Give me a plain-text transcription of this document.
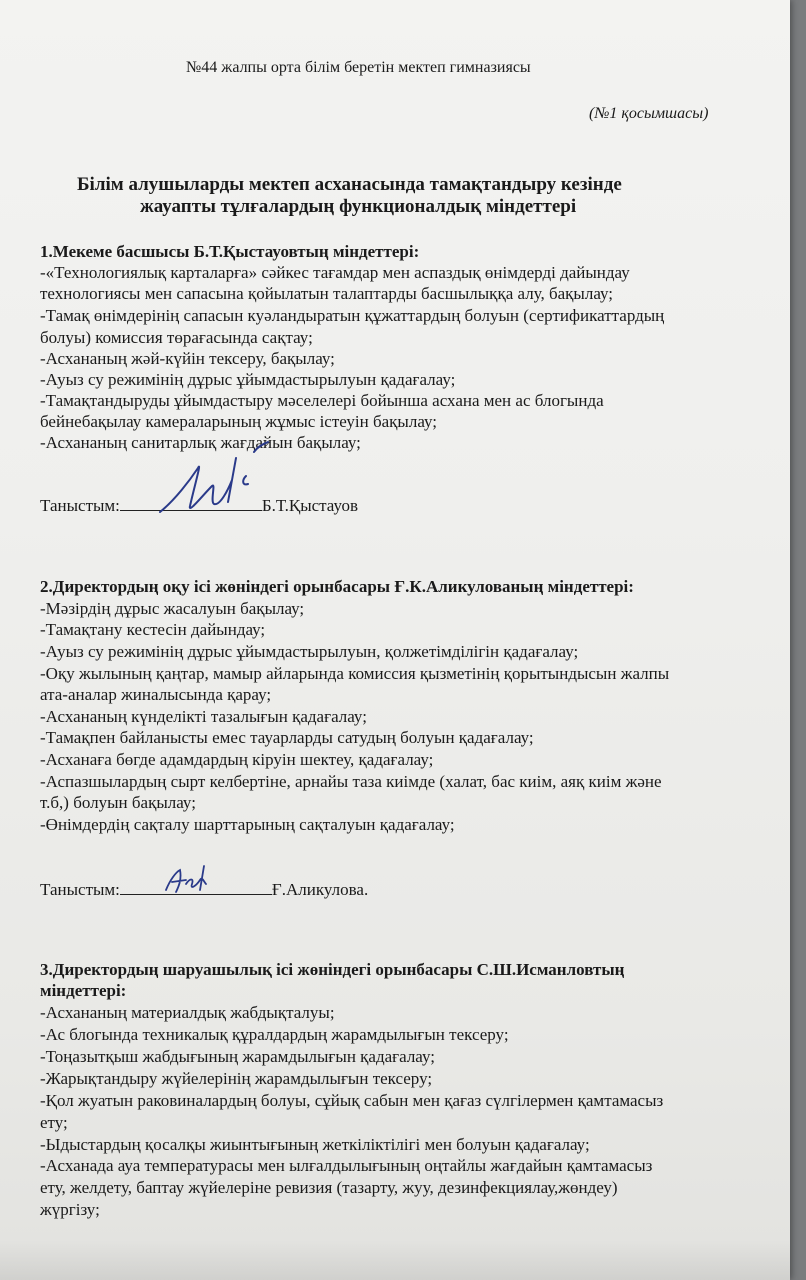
№44 жалпы орта білім беретін мектеп гимназиясы
(№1 қосымшасы)
Білім алушыларды мектеп асханасында тамақтандыру кезінде
жауапты тұлғалардың функционалдық міндеттері
1.Мекеме басшысы Б.Т.Қыстауовтың міндеттері:
-«Технологиялық карталарға» сәйкес тағамдар мен аспаздық өнімдерді дайындау
технологиясы мен сапасына қойылатын талаптарды басшылыққа алу, бақылау;
-Тамақ өнімдерінің сапасын куәландыратын құжаттардың болуын (сертификаттардың
болуы) комиссия төрағасында сақтау;
-Асхананың жәй-күйін тексеру, бақылау;
-Ауыз су режимінің дұрыс ұйымдастырылуын қадағалау;
-Тамақтандыруды ұйымдастыру мәселелері бойынша асхана мен ас блогында
бейнебақылау камераларының жұмыс істеуін бақылау;
-Асхананың санитарлық жағдайын бақылау;
Таныстым:	Б.Т.Қыстауов
2.Директордың оқу ісі жөніндегі орынбасары Ғ.К.Аликулованың міндеттері:
-Мәзірдің дұрыс жасалуын бақылау;
-Тамақтану кестесін дайындау;
-Ауыз су режимінің дұрыс ұйымдастырылуын, қолжетімділігін қадағалау;
-Оқу жылының қаңтар, мамыр айларында комиссия қызметінің қорытындысын жалпы
ата-аналар жиналысында қарау;
-Асхананың күнделікті тазалығын қадағалау;
-Тамақпен байланысты емес тауарларды сатудың болуын қадағалау;
-Асханаға бөгде адамдардың кіруін шектеу, қадағалау;
-Аспазшылардың сырт келбертіне, арнайы таза киімде (халат, бас киім, аяқ киім және
т.б,) болуын бақылау;
-Өнімдердің сақталу шарттарының сақталуын қадағалау;
Таныстым:	Ғ.Аликулова.
3.Директордың шаруашылық ісі жөніндегі орынбасары С.Ш.Исманловтың
міндеттері:
-Асхананың материалдық жабдықталуы;
-Ас блогында техникалық құралдардың жарамдылығын тексеру;
-Тоңазытқыш жабдығының жарамдылығын қадағалау;
-Жарықтандыру жүйелерінің жарамдылығын тексеру;
-Қол жуатын раковиналардың болуы, сұйық сабын мен қағаз сүлгілермен қамтамасыз
ету;
-Ыдыстардың қосалқы жиынтығының жеткіліктілігі мен болуын қадағалау;
-Асханада ауа температурасы мен ылғалдылығының оңтайлы жағдайын қамтамасыз
ету, желдету, баптау жүйелеріне ревизия (тазарту, жуу, дезинфекциялау,жөндеу)
жүргізу;
